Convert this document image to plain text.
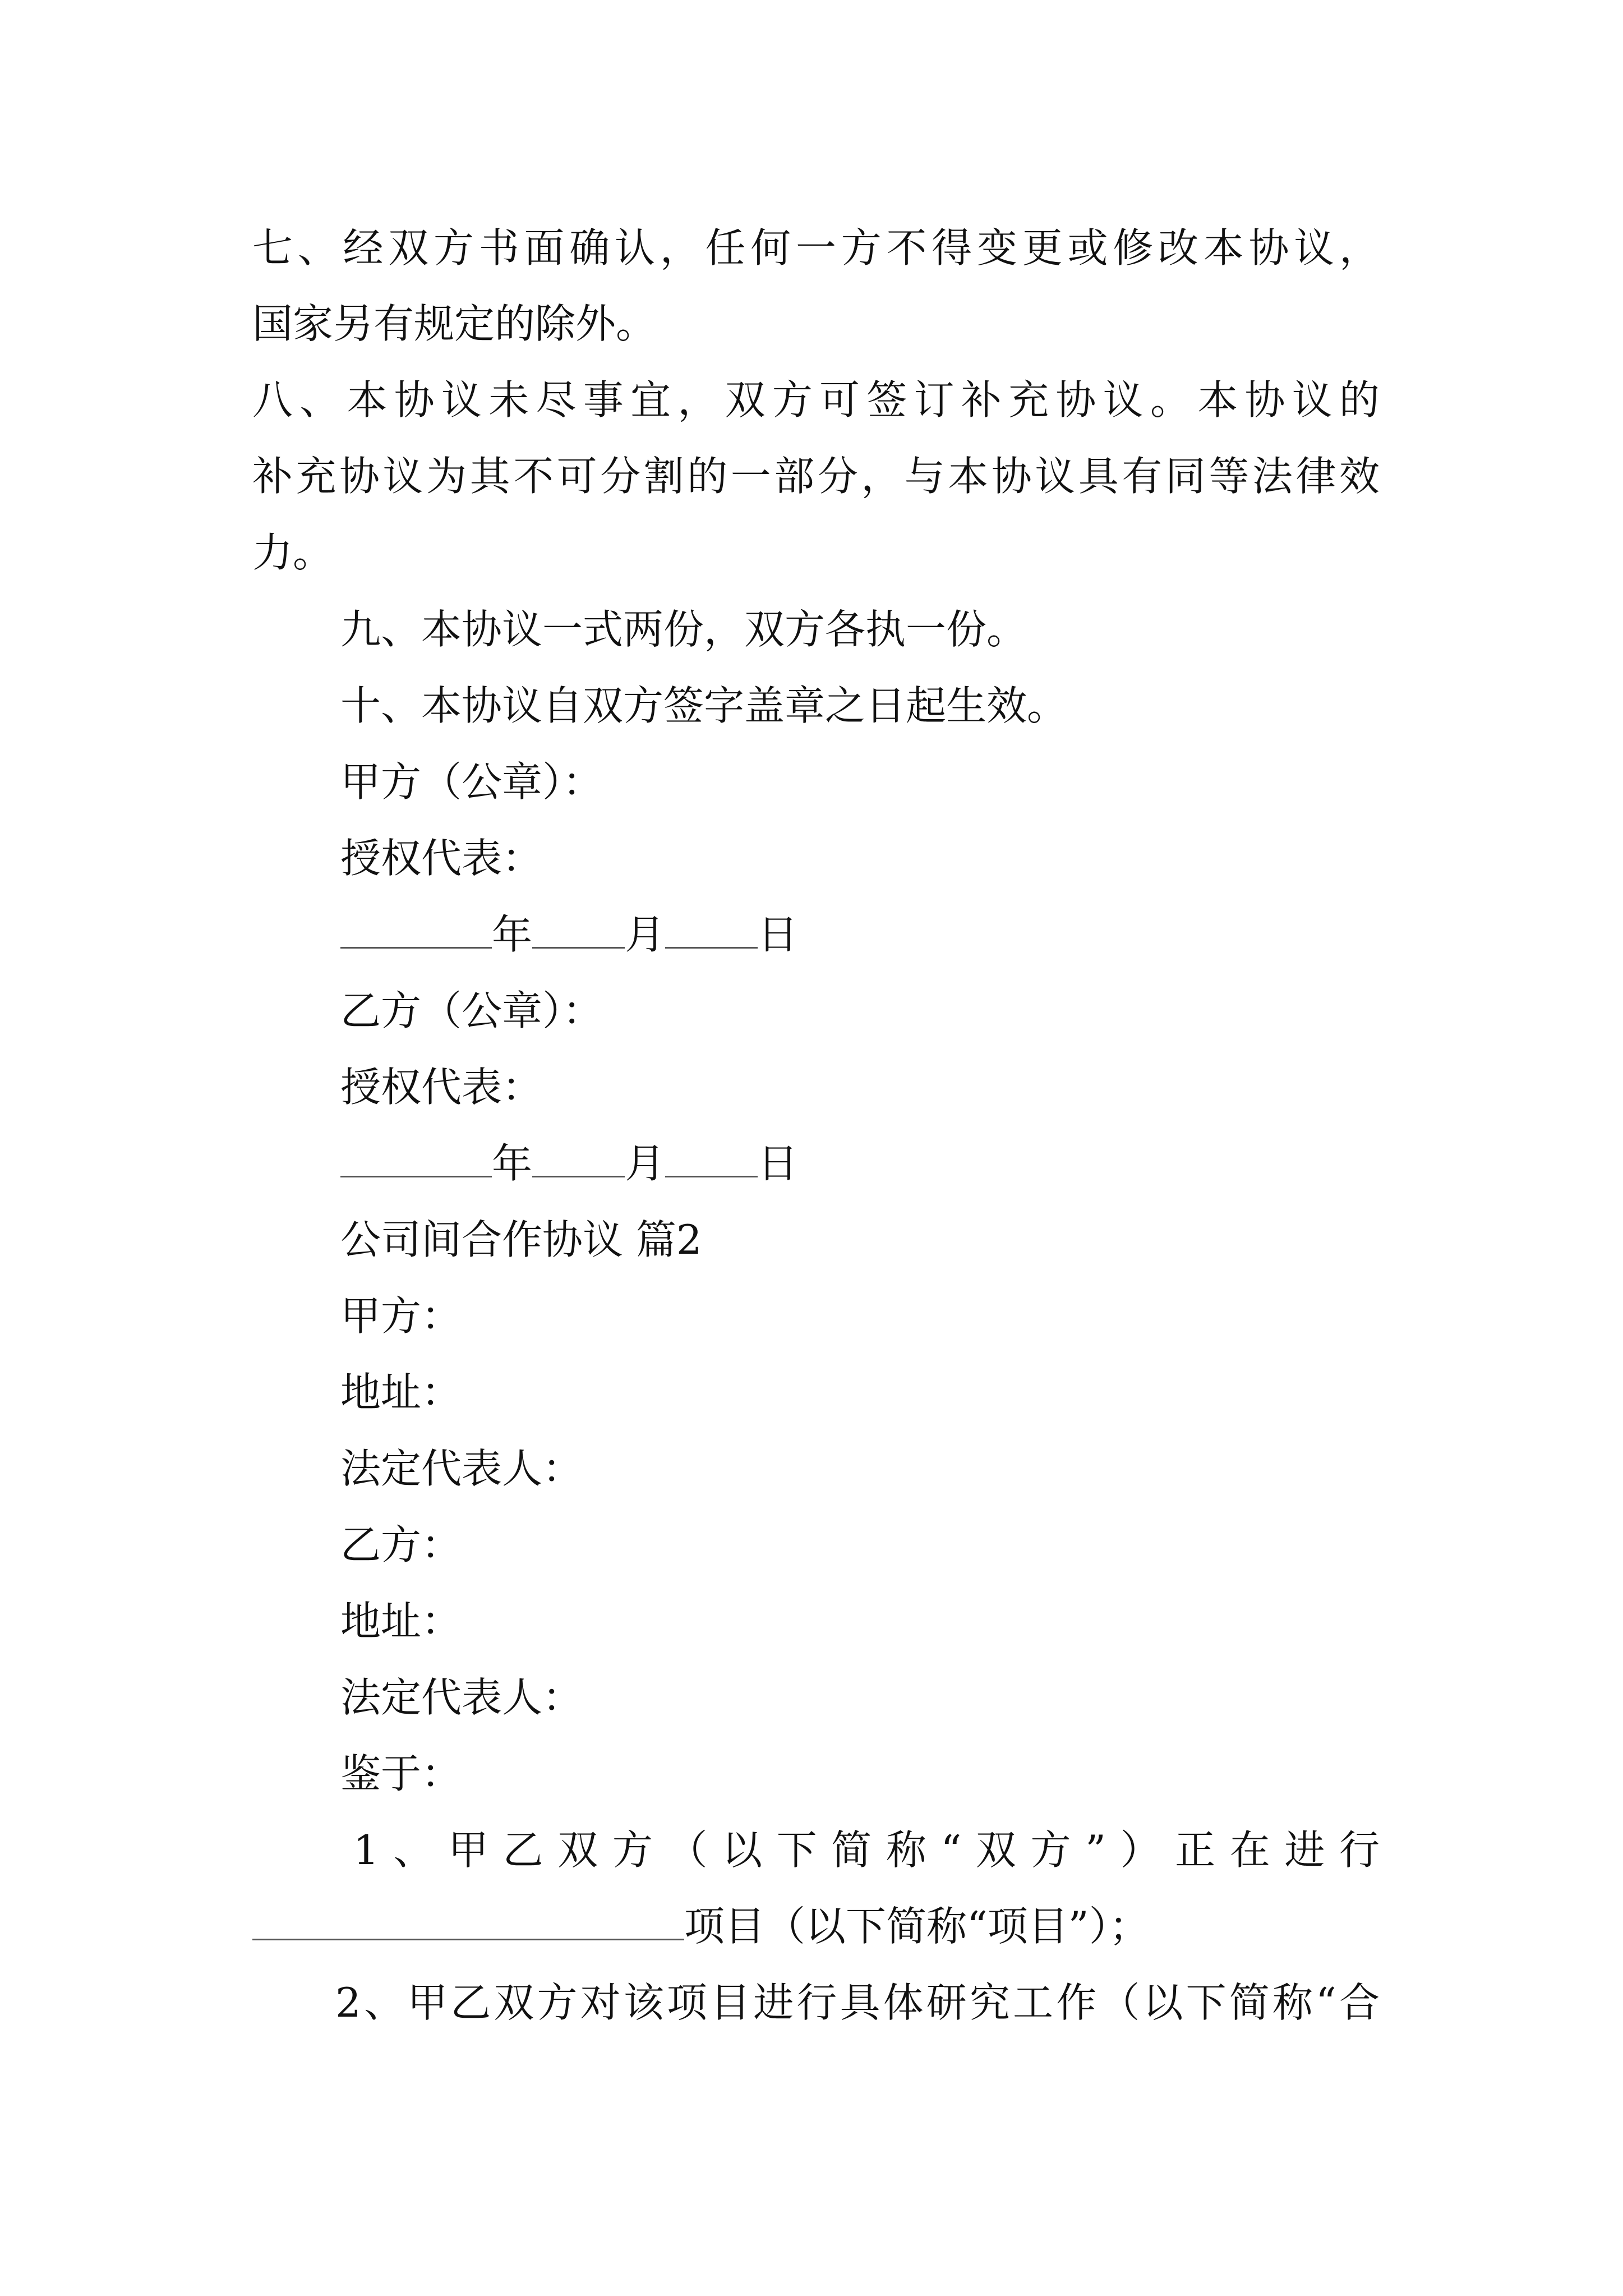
七、经双方书面确认，任何一方不得变更或修改本协议，
国家另有规定的除外。
八、本协议未尽事宜，双方可签订补充协议。本协议的
补充协议为其不可分割的一部分，与本协议具有同等法律效
力。
九、本协议一式两份，双方各执一份。
十、本协议自双方签字盖章之日起生效。
甲方（公章）：
授权代表：
年 月 日
乙方（公章）：
授权代表：
年 月 日
公司间合作协议 篇2
甲方：
地址：
法定代表人：
乙方：
地址：
法定代表人：
鉴于：
1、甲乙双方（以下简称“双方”）正在进行
项目（以下简称“项目”）；
2、甲乙双方对该项目进行具体研究工作（以下简称“合
